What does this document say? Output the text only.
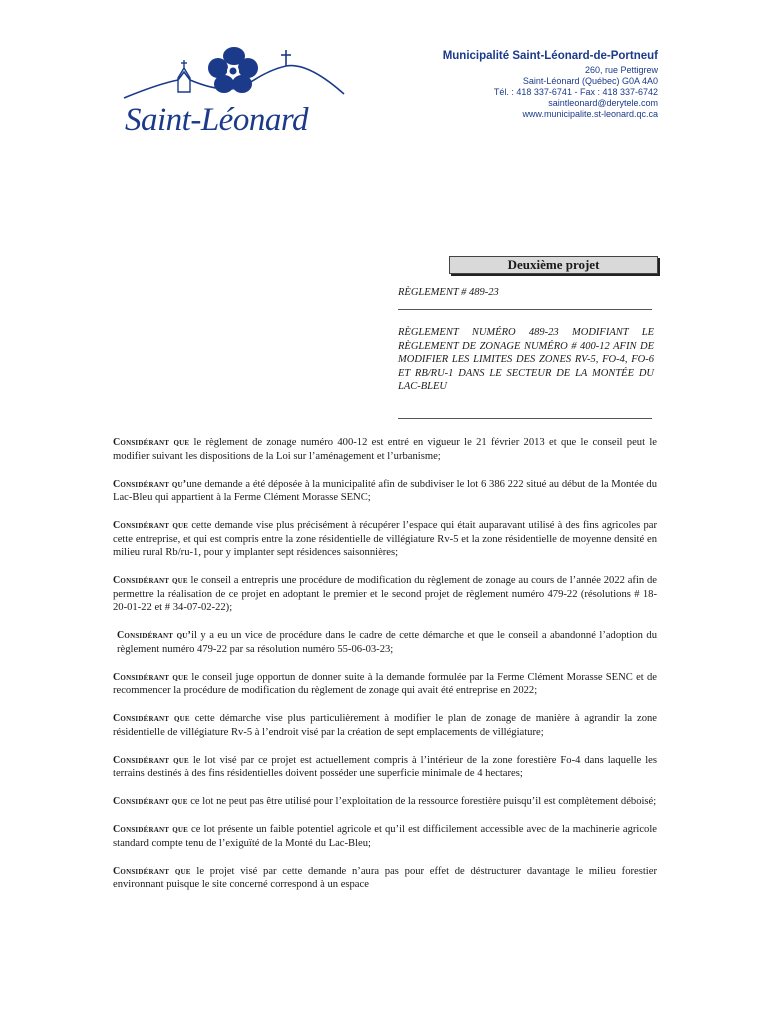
Saint-Léonard
Municipalité Saint-Léonard-de-Portneuf
260, rue Pettigrew
Saint-Léonard (Québec) G0A 4A0
Tél. : 418 337-6741 - Fax : 418 337-6742
saintleonard@derytele.com
www.municipalite.st-leonard.qc.ca
Deuxième projet
RÈGLEMENT # 489-23
RÈGLEMENT NUMÉRO 489-23 MODIFIANT LE RÈGLEMENT DE ZONAGE NUMÉRO # 400-12 AFIN DE MODIFIER LES LIMITES DES ZONES RV-5, FO-4, FO-6 ET RB/RU-1 DANS LE SECTEUR DE LA MONTÉE DU LAC-BLEU

Considérant que le règlement de zonage numéro 400-12 est entré en vigueur le 21 février 2013 et que le conseil peut le modifier suivant les dispositions de la Loi sur l’aménagement et l’urbanisme;

Considérant qu’une demande a été déposée à la municipalité afin de subdiviser le lot 6 386 222 situé au début de la Montée du Lac-Bleu qui appartient à la Ferme Clément Morasse SENC;

Considérant que cette demande vise plus précisément à récupérer l’espace qui était auparavant utilisé à des fins agricoles par cette entreprise, et qui est compris entre la zone résidentielle de villégiature Rv-5 et la zone résidentielle de moyenne densité en milieu rural Rb/ru-1, pour y implanter sept résidences saisonnières;

Considérant que le conseil a entrepris une procédure de modification du règlement de zonage au cours de l’année 2022 afin de permettre la réalisation de ce projet en adoptant le premier et le second projet de règlement numéro 479-22 (résolutions # 18-20-01-22 et # 34-07-02-22);

Considérant qu’il y a eu un vice de procédure dans le cadre de cette démarche et que le conseil a abandonné l’adoption du règlement numéro 479-22 par sa résolution numéro 55-06-03-23;

Considérant que le conseil juge opportun de donner suite à la demande formulée par la Ferme Clément Morasse SENC et de recommencer la procédure de modification du règlement de zonage qui avait été entreprise en 2022;

Considérant que cette démarche vise plus particulièrement à modifier le plan de zonage de manière à agrandir la zone résidentielle de villégiature Rv-5 à l’endroit visé par la création de sept emplacements de villégiature;

Considérant que le lot visé par ce projet est actuellement compris à l’intérieur de la zone forestière Fo-4 dans laquelle les terrains destinés à des fins résidentielles doivent posséder une superficie minimale de 4 hectares;

Considérant que ce lot ne peut pas être utilisé pour l’exploitation de la ressource forestière puisqu’il est complètement déboisé;

Considérant que ce lot présente un faible potentiel agricole et qu’il est difficilement accessible avec de la machinerie agricole standard compte tenu de l’exiguïté de la Monté du Lac-Bleu;

Considérant que le projet visé par cette demande n’aura pas pour effet de déstructurer davantage le milieu forestier environnant puisque le site concerné correspond à un espace
